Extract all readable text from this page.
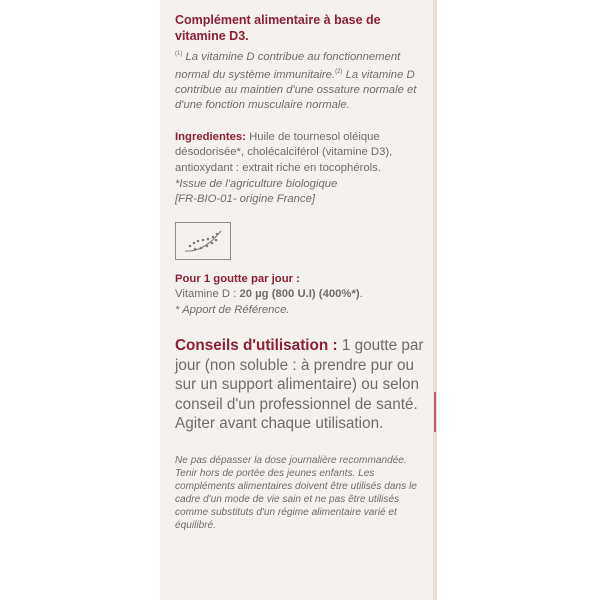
Complément alimentaire à base de
vitamine D3.

$^{(1)}$ La vitamine D contribue au fonctionnement normal du système immunitaire.$^{(2)}$ La vitamine D contribue au maintien d'une ossature normale et d'une fonction musculaire normale.

Ingredientes: Huile de tournesol oléique désodorisée*, cholécalciférol (vitamine D3), antioxydant : extrait riche en tocophérols.
*Issue de l'agriculture biologique
[FR-BIO-01- origine France]

Pour 1 goutte par jour :
Vitamine D : 20 µg (800 U.I) (400%*).
* Apport de Référence.

Conseils d'utilisation : 1 goutte par jour (non soluble : à prendre pur ou sur un support alimentaire) ou selon conseil d'un professionnel de santé. Agiter avant chaque utilisation.

Ne pas dépasser la dose journalière recommandée. Tenir hors de portée des jeunes enfants. Les compléments alimentaires doivent être utilisés dans le cadre d'un mode de vie sain et ne pas être utilisés comme substituts d'un régime alimentaire varié et équilibré.
